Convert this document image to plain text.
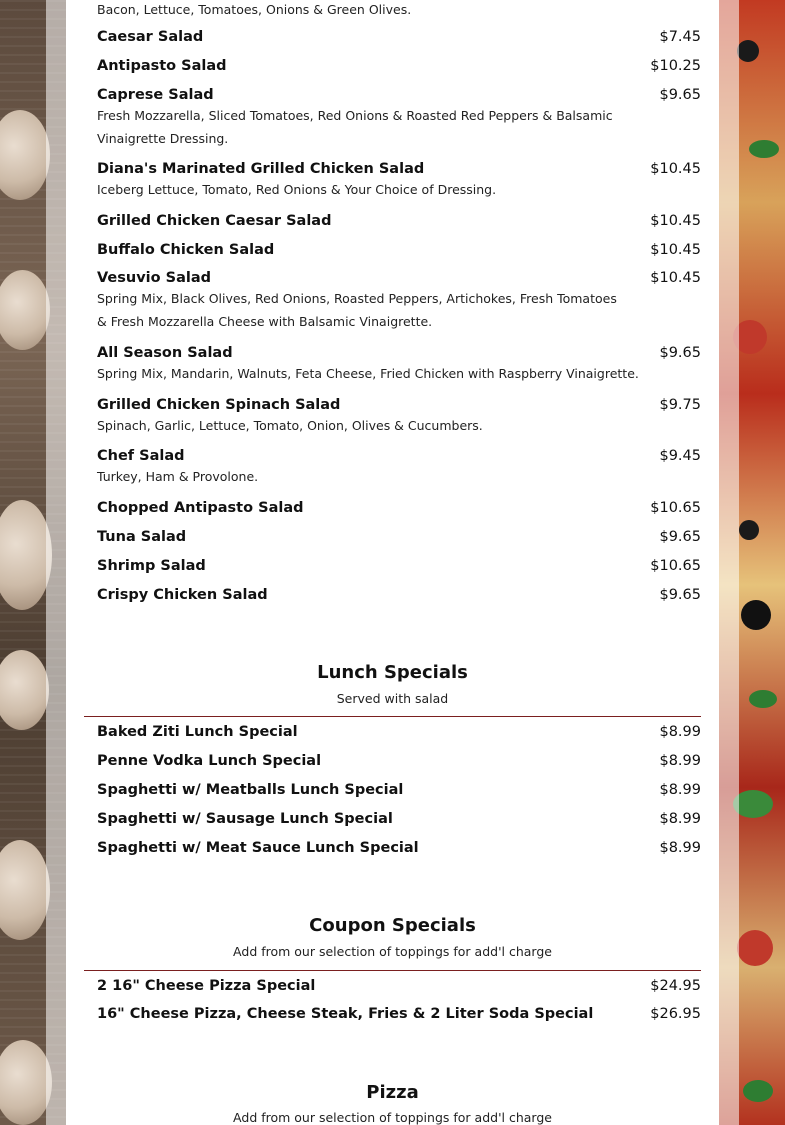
Bacon, Lettuce, Tomatoes, Onions & Green Olives.
Caesar Salad	$7.45
Antipasto Salad	$10.25
Caprese Salad	$9.65
Fresh Mozzarella, Sliced Tomatoes, Red Onions & Roasted Red Peppers & Balsamic Vinaigrette Dressing.
Diana's Marinated Grilled Chicken Salad	$10.45
Iceberg Lettuce, Tomato, Red Onions & Your Choice of Dressing.
Grilled Chicken Caesar Salad	$10.45
Buffalo Chicken Salad	$10.45
Vesuvio Salad	$10.45
Spring Mix, Black Olives, Red Onions, Roasted Peppers, Artichokes, Fresh Tomatoes & Fresh Mozzarella Cheese with Balsamic Vinaigrette.
All Season Salad	$9.65
Spring Mix, Mandarin, Walnuts, Feta Cheese, Fried Chicken with Raspberry Vinaigrette.
Grilled Chicken Spinach Salad	$9.75
Spinach, Garlic, Lettuce, Tomato, Onion, Olives & Cucumbers.
Chef Salad	$9.45
Turkey, Ham & Provolone.
Chopped Antipasto Salad	$10.65
Tuna Salad	$9.65
Shrimp Salad	$10.65
Crispy Chicken Salad	$9.65
Lunch Specials
Served with salad
Baked Ziti Lunch Special	$8.99
Penne Vodka Lunch Special	$8.99
Spaghetti w/ Meatballs Lunch Special	$8.99
Spaghetti w/ Sausage Lunch Special	$8.99
Spaghetti w/ Meat Sauce Lunch Special	$8.99
Coupon Specials
Add from our selection of toppings for add'l charge
2 16" Cheese Pizza Special	$24.95
16" Cheese Pizza, Cheese Steak, Fries & 2 Liter Soda Special	$26.95
Pizza
Add from our selection of toppings for add'l charge
